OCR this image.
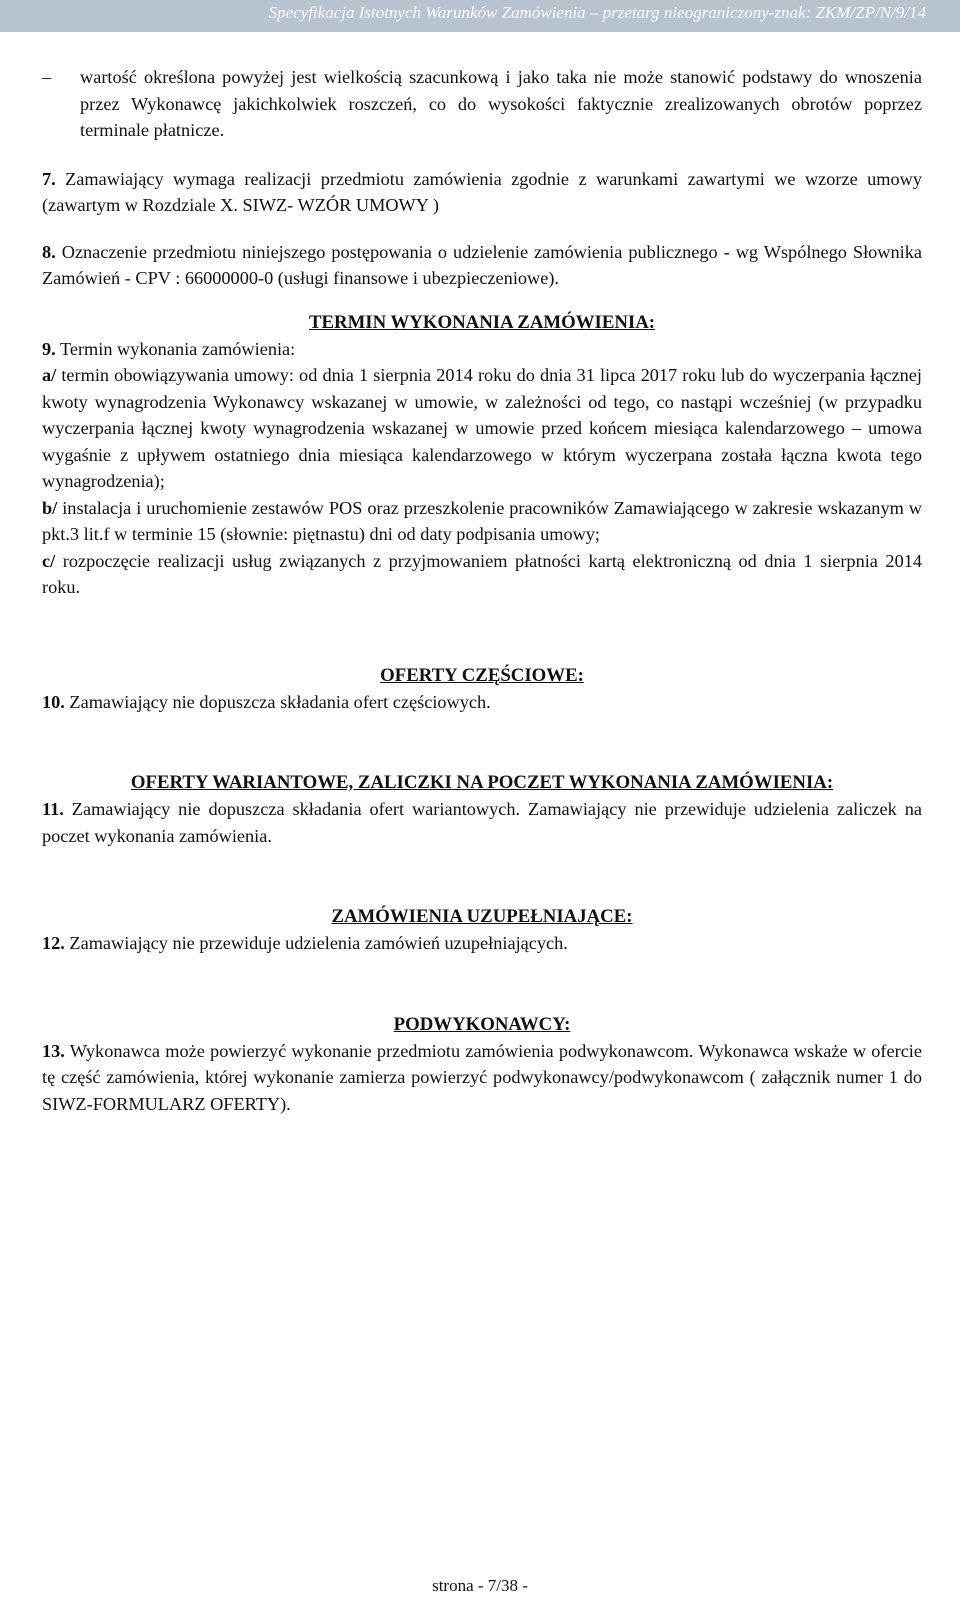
Specyfikacja Istotnych Warunków Zamówienia – przetarg nieograniczony-znak: ZKM/ZP/N/9/14

– wartość określona powyżej jest wielkością szacunkową i jako taka nie może stanowić podstawy do wnoszenia przez Wykonawcę jakichkolwiek roszczeń, co do wysokości faktycznie zrealizowanych obrotów poprzez terminale płatnicze.

7. Zamawiający wymaga realizacji przedmiotu zamówienia zgodnie z warunkami zawartymi we wzorze umowy (zawartym w Rozdziale X. SIWZ- WZÓR UMOWY )

8. Oznaczenie przedmiotu niniejszego postępowania o udzielenie zamówienia publicznego - wg Wspólnego Słownika Zamówień - CPV : 66000000-0 (usługi finansowe i ubezpieczeniowe).

TERMIN WYKONANIA ZAMÓWIENIA:

9. Termin wykonania zamówienia:

a/ termin obowiązywania umowy: od dnia 1 sierpnia 2014 roku do dnia 31 lipca 2017 roku lub do wyczerpania łącznej kwoty wynagrodzenia Wykonawcy wskazanej w umowie, w zależności od tego, co nastąpi wcześniej (w przypadku wyczerpania łącznej kwoty wynagrodzenia wskazanej w umowie przed końcem miesiąca kalendarzowego – umowa wygaśnie z upływem ostatniego dnia miesiąca kalendarzowego w którym wyczerpana została łączna kwota tego wynagrodzenia);

b/ instalacja i uruchomienie zestawów POS oraz przeszkolenie pracowników Zamawiającego w zakresie wskazanym w pkt.3 lit.f w terminie 15 (słownie: piętnastu) dni od daty podpisania umowy;

c/ rozpoczęcie realizacji usług związanych z przyjmowaniem płatności kartą elektroniczną od dnia 1 sierpnia 2014 roku.

OFERTY CZĘŚCIOWE:

10. Zamawiający nie dopuszcza składania ofert częściowych.

OFERTY WARIANTOWE, ZALICZKI NA POCZET WYKONANIA ZAMÓWIENIA:

11. Zamawiający nie dopuszcza składania ofert wariantowych. Zamawiający nie przewiduje udzielenia zaliczek na poczet wykonania zamówienia.

ZAMÓWIENIA UZUPEŁNIAJĄCE:

12. Zamawiający nie przewiduje udzielenia zamówień uzupełniających.

PODWYKONAWCY:

13. Wykonawca może powierzyć wykonanie przedmiotu zamówienia podwykonawcom. Wykonawca wskaże w ofercie tę część zamówienia, której wykonanie zamierza powierzyć podwykonawcy/podwykonawcom ( załącznik numer 1 do SIWZ-FORMULARZ OFERTY).

strona - 7/38 -
